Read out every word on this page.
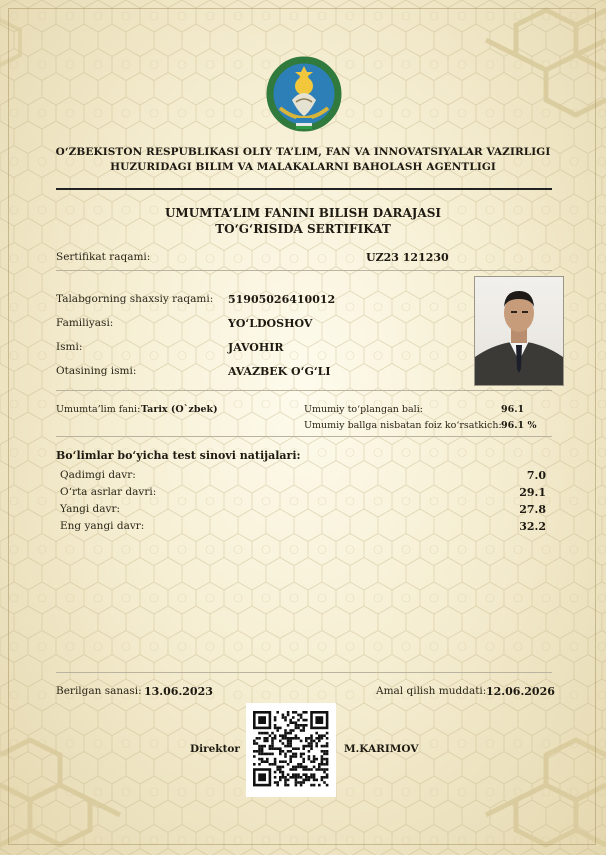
O‘ZBEKISTON RESPUBLIKASI OLIY TA’LIM, FAN VA INNOVATSIYALAR VAZIRLIGI
HUZURIDAGI BILIM VA MALAKALARNI BAHOLASH AGENTLIGI
UMUMTA’LIM FANINI BILISH DARAJASI
TO‘G‘RISIDA SERTIFIKAT
Sertifikat raqami:	UZ23 121230
Talabgorning shaxsiy raqami: 51905026410012
Familiyasi:	YO‘LDOSHOV
Ismi:	JAVOHIR
Otasining ismi:	AVAZBEK O‘G‘LI
Umumta’lim fani: Tarix (O`zbek)	Umumiy to‘plangan bali:	96.1
Umumiy ballga nisbatan foiz ko‘rsatkich: 96.1 %
Bo‘limlar bo‘yicha test sinovi natijalari:
Qadimgi davr:	7.0
O‘rta asrlar davri:	29.1
Yangi davr:	27.8
Eng yangi davr:	32.2
Berilgan sanasi: 13.06.2023	Amal qilish muddati: 12.06.2026
Direktor	M.KARIMOV
